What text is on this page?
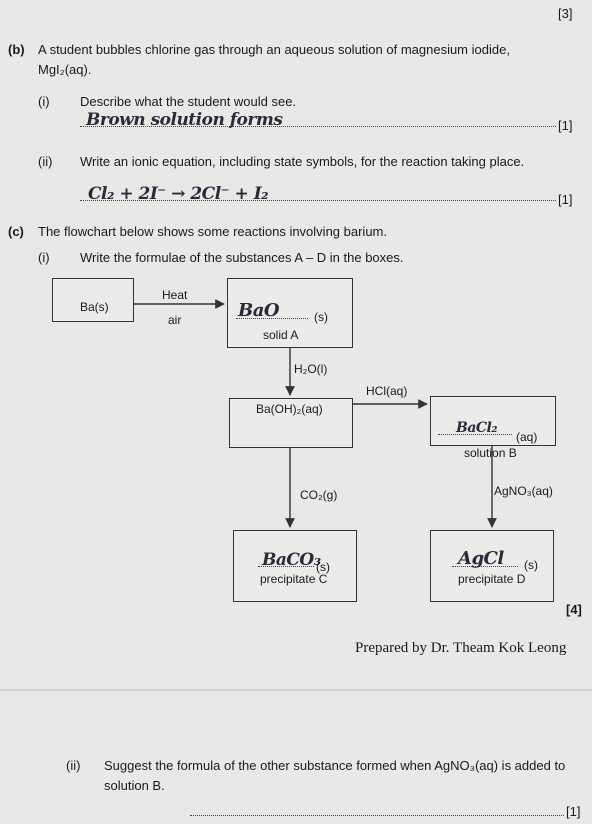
[3]
(b) A student bubbles chlorine gas through an aqueous solution of magnesium iodide,
MgI₂(aq).
(i) Describe what the student would see.
Brown solution forms	[1]
(ii) Write an ionic equation, including state symbols, for the reaction taking place.
Cl₂ + 2I⁻ → 2Cl⁻ + I₂	[1]
(c) The flowchart below shows some reactions involving barium.
(i) Write the formulae of the substances A – D in the boxes.
Ba(s)	BaO	(s)
solid A
Heat
air
H₂O(l)
Ba(OH)₂(aq)
HCl(aq)
BaCl₂
(aq)
solution B
CO₂(g)	AgNO₃(aq)
BaCO₃
(s)
precipitate C
AgCl (s)
precipitate D
[4]
Prepared by Dr. Theam Kok Leong
(ii) Suggest the formula of the other substance formed when AgNO₃(aq) is added to
solution B.
[1]
